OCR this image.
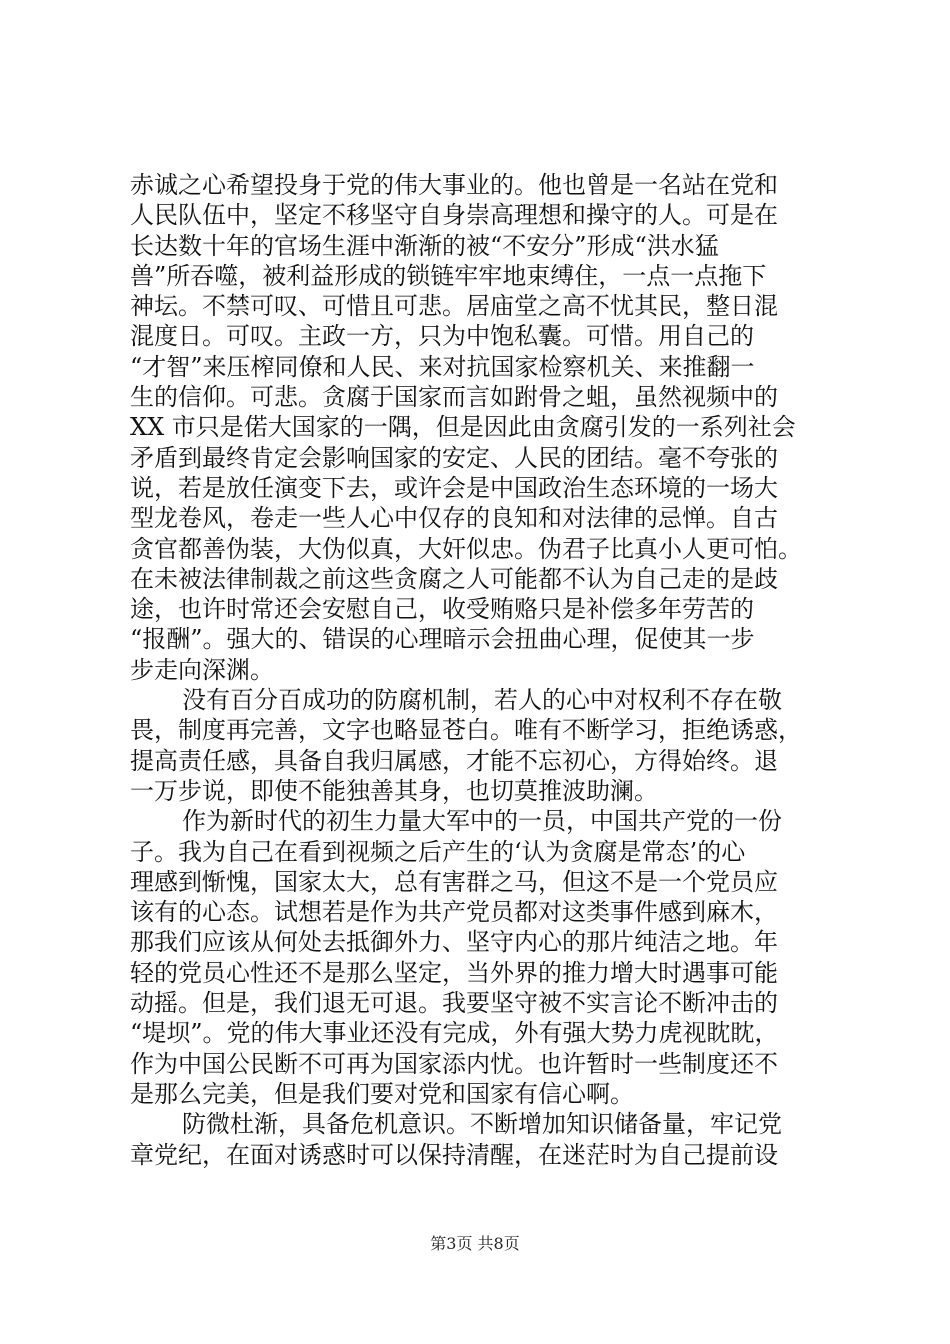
赤诚之心希望投身于党的伟大事业的。他也曾是一名站在党和
人民队伍中，坚定不移坚守自身崇高理想和操守的人。可是在
长达数十年的官场生涯中渐渐的被“不安分”形成“洪水猛
兽”所吞噬，被利益形成的锁链牢牢地束缚住，一点一点拖下
神坛。不禁可叹、可惜且可悲。居庙堂之高不忧其民，整日混
混度日。可叹。主政一方，只为中饱私囊。可惜。用自己的
“才智”来压榨同僚和人民、来对抗国家检察机关、来推翻一
生的信仰。可悲。贪腐于国家而言如跗骨之蛆，虽然视频中的
XX 市只是偌大国家的一隅，但是因此由贪腐引发的一系列社会
矛盾到最终肯定会影响国家的安定、人民的团结。毫不夸张的
说，若是放任演变下去，或许会是中国政治生态环境的一场大
型龙卷风，卷走一些人心中仅存的良知和对法律的忌惮。自古
贪官都善伪装，大伪似真，大奸似忠。伪君子比真小人更可怕。
在未被法律制裁之前这些贪腐之人可能都不认为自己走的是歧
途，也许时常还会安慰自己，收受贿赂只是补偿多年劳苦的
“报酬”。强大的、错误的心理暗示会扭曲心理，促使其一步
步走向深渊。
没有百分百成功的防腐机制，若人的心中对权利不存在敬
畏，制度再完善，文字也略显苍白。唯有不断学习，拒绝诱惑，
提高责任感，具备自我归属感，才能不忘初心，方得始终。退
一万步说，即使不能独善其身，也切莫推波助澜。
作为新时代的初生力量大军中的一员，中国共产党的一份
子。我为自己在看到视频之后产生的‘认为贪腐是常态’的心
理感到惭愧，国家太大，总有害群之马，但这不是一个党员应
该有的心态。试想若是作为共产党员都对这类事件感到麻木，
那我们应该从何处去抵御外力、坚守内心的那片纯洁之地。年
轻的党员心性还不是那么坚定，当外界的推力增大时遇事可能
动摇。但是，我们退无可退。我要坚守被不实言论不断冲击的
“堤坝”。党的伟大事业还没有完成，外有强大势力虎视眈眈，
作为中国公民断不可再为国家添内忧。也许暂时一些制度还不
是那么完美，但是我们要对党和国家有信心啊。
防微杜渐，具备危机意识。不断增加知识储备量，牢记党
章党纪，在面对诱惑时可以保持清醒，在迷茫时为自己提前设
第3页 共8页
